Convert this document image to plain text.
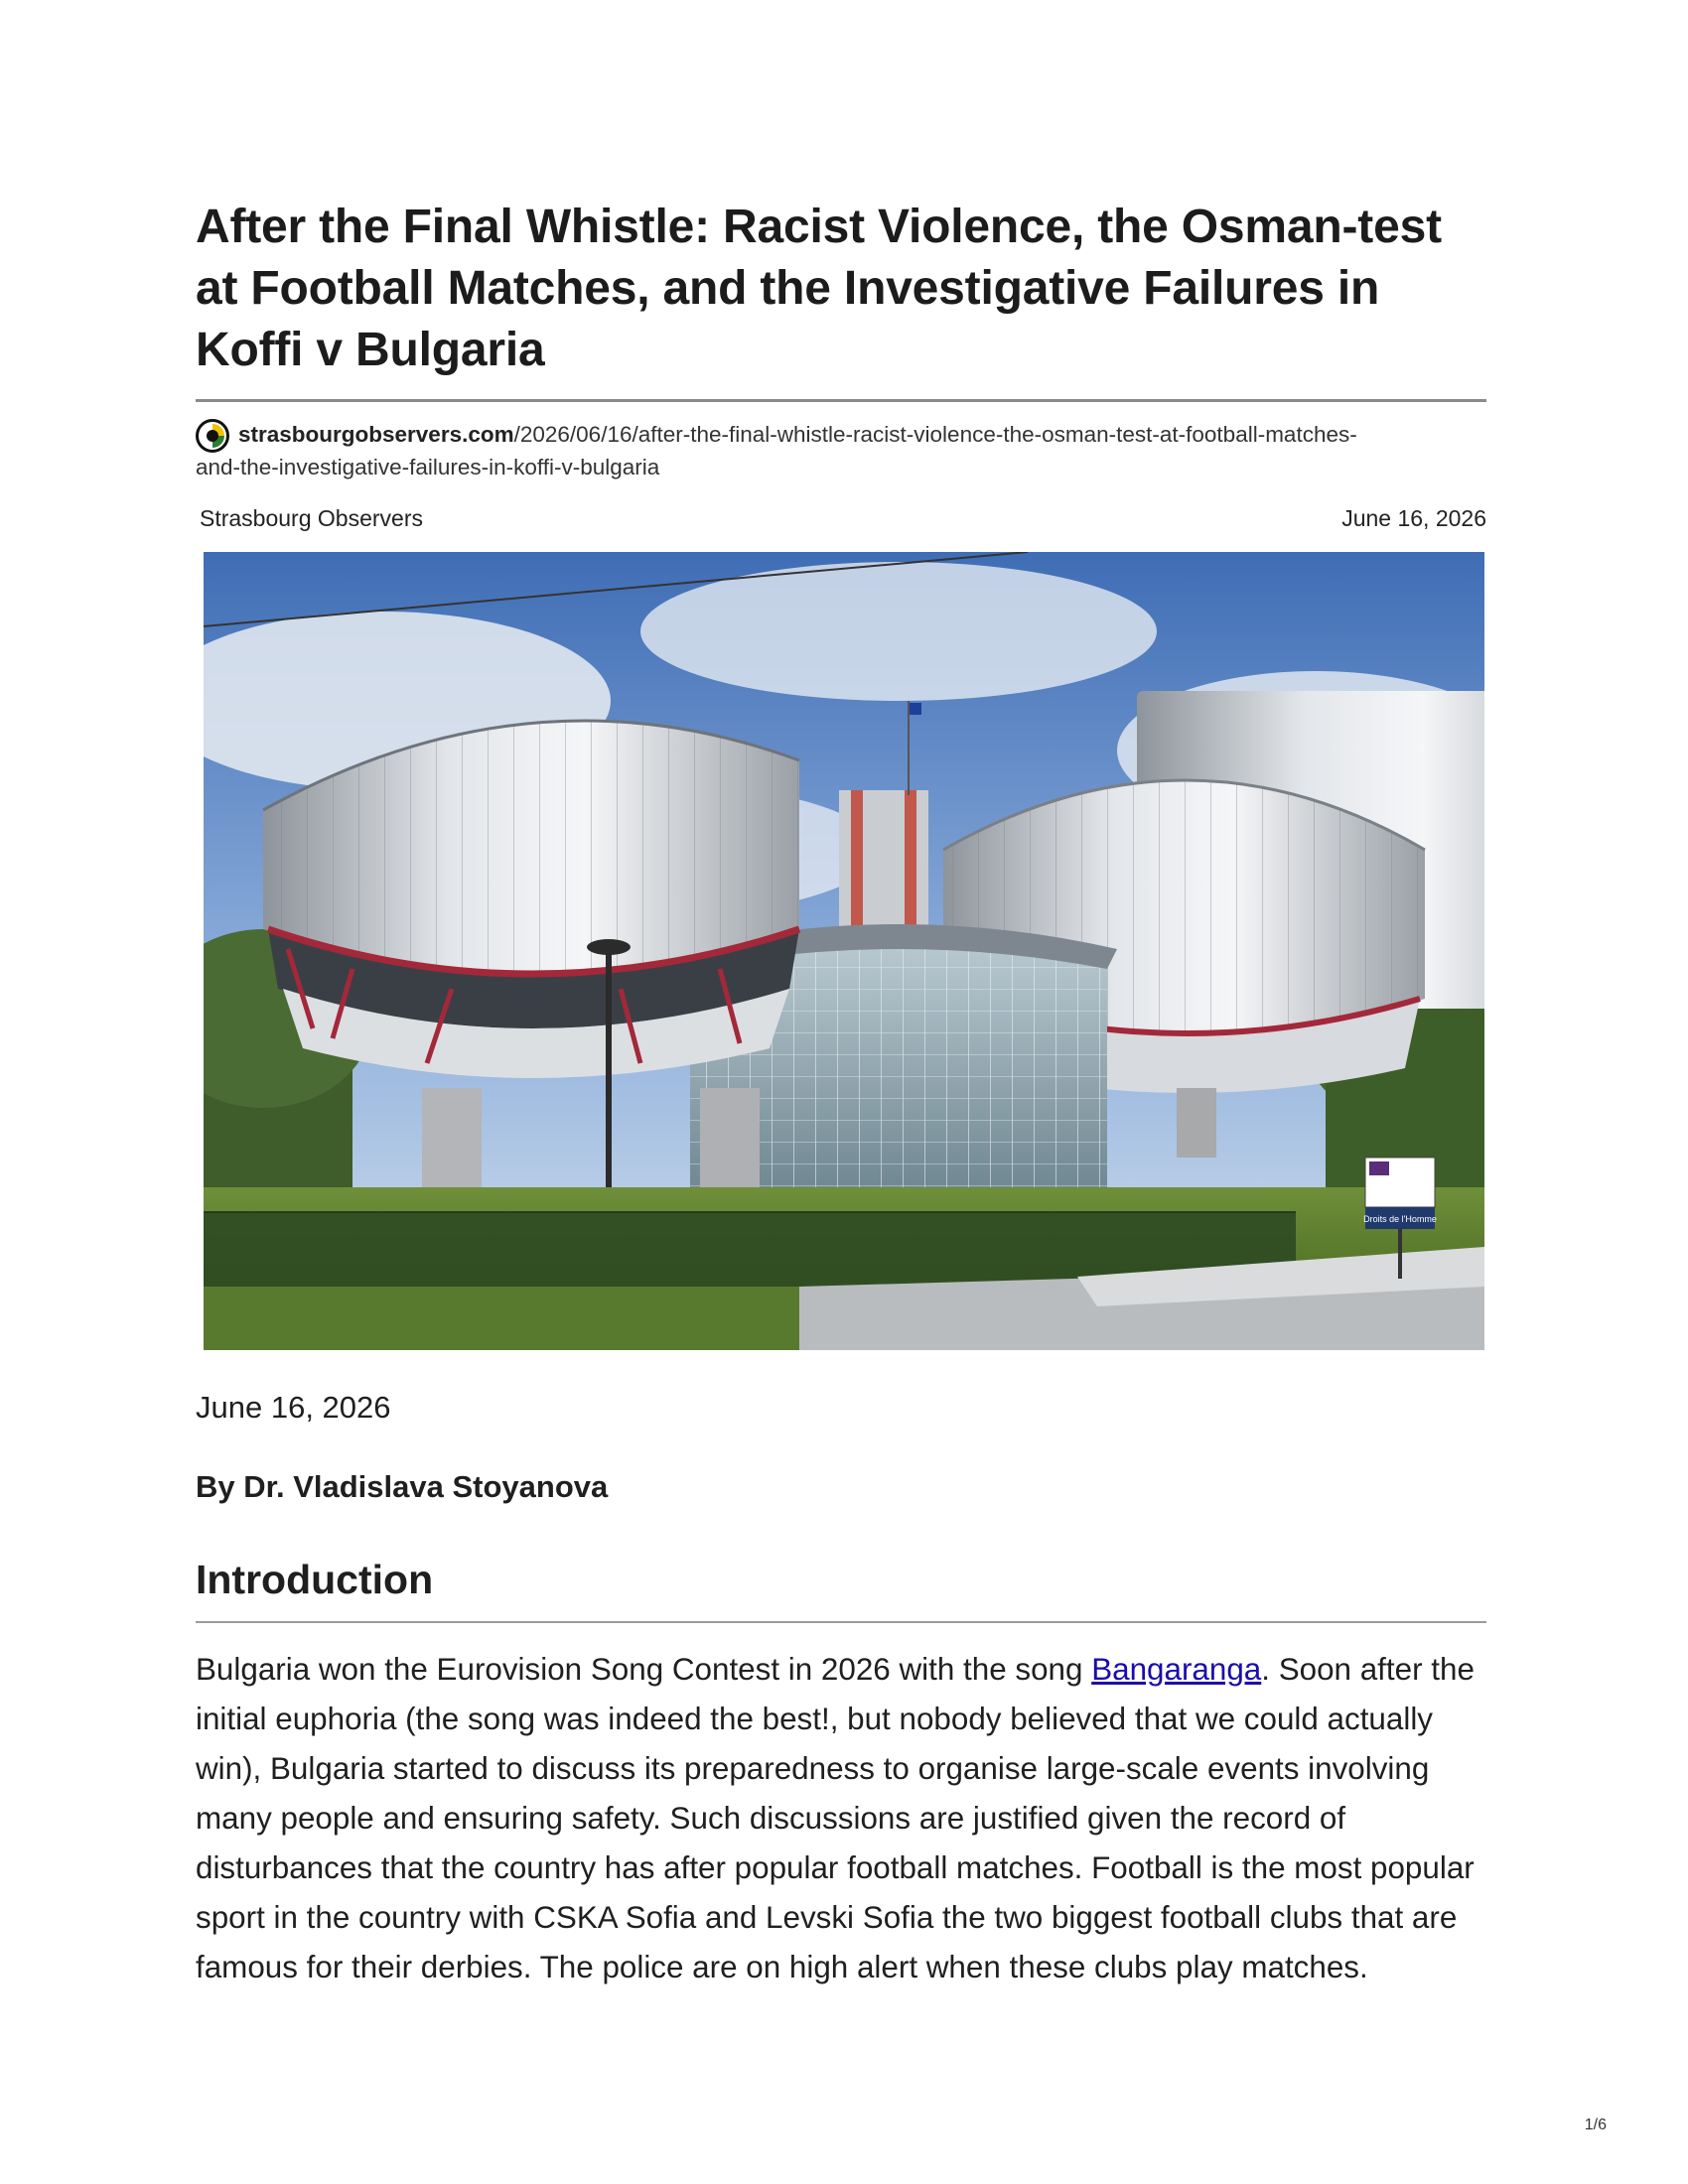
After the Final Whistle: Racist Violence, the Osman-test at Football Matches, and the Investigative Failures in Koffi v Bulgaria
strasbourgobservers.com/2026/06/16/after-the-final-whistle-racist-violence-the-osman-test-at-football-matches-
and-the-investigative-failures-in-koffi-v-bulgaria
Strasbourg Observers	June 16, 2026
Droits de l'Homme
June 16, 2026
By Dr. Vladislava Stoyanova
Introduction

Bulgaria won the Eurovision Song Contest in 2026 with the song Bangaranga. Soon after the initial euphoria (the song was indeed the best!, but nobody believed that we could actually win), Bulgaria started to discuss its preparedness to organise large-scale events involving many people and ensuring safety. Such discussions are justified given the record of disturbances that the country has after popular football matches. Football is the most popular sport in the country with CSKA Sofia and Levski Sofia the two biggest football clubs that are famous for their derbies. The police are on high alert when these clubs play matches.

1/6
